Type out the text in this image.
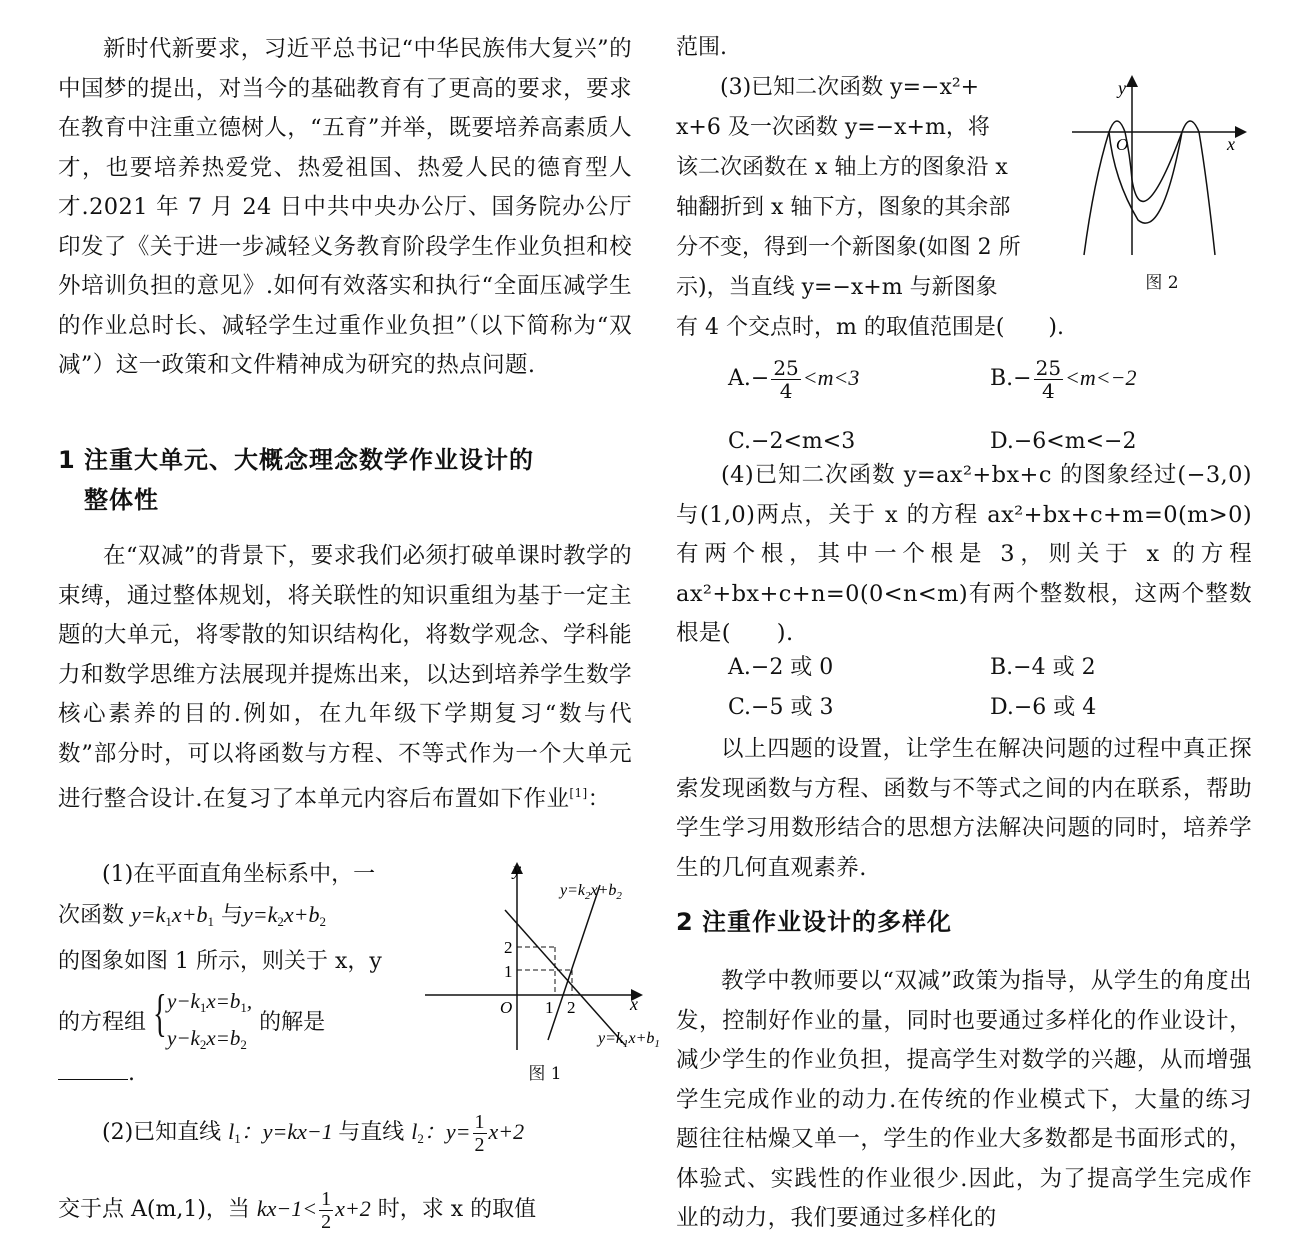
新时代新要求，习近平总书记“中华民族伟大复兴”的中国梦的提出，对当今的基础教育有了更高的要求，要求在教育中注重立德树人，“五育”并举，既要培养高素质人才，也要培养热爱党、热爱祖国、热爱人民的德育型人才.2021 年 7 月 24 日中共中央办公厅、国务院办公厅印发了《关于进一步减轻义务教育阶段学生作业负担和校外培训负担的意见》.如何有效落实和执行“全面压减学生的作业总时长、减轻学生过重作业负担”（以下简称为“双减”）这一政策和文件精神成为研究的热点问题.

1 注重大单元、大概念理念数学作业设计的
整体性

在“双减”的背景下，要求我们必须打破单课时教学的束缚，通过整体规划，将关联性的知识重组为基于一定主题的大单元，将零散的知识结构化，将数学观念、学科能力和数学思维方法展现并提炼出来，以达到培养学生数学核心素养的目的.例如，在九年级下学期复习“数与代数”部分时，可以将函数与方程、不等式作为一个大单元进行整合设计.在复习了本单元内容后布置如下作业[1]：

(1)在平面直角坐标系中，一
次函数 $y=k_1x+b_1$ 与$y=k_2x+b_2$
的图象如图 1 所示，则关于 x，y
的方程组 { $y-k_1x=b_1$,
$y-k_2x=b_2$
的解是
.
y
x
O
2
1
1 2
$y=k_2x+b_2$
$y=k_1x+b_1$
图 1
(2)已知直线 $l_1$：y=kx−1 与直线 $l_2$：$y= \frac{1}{2} x+2$
交于点 A(m,1)，当 $kx-1< \frac{1}{2} x+2$ 时，求 x 的取值
范围.
(3)已知二次函数 y=−x²+
x+6 及一次函数 y=−x+m，将
该二次函数在 x 轴上方的图象沿 x
轴翻折到 x 轴下方，图象的其余部
分不变，得到一个新图象(如图 2 所
示)，当直线 y=−x+m 与新图象
有 4 个交点时，m 的取值范围是(　　).
y
x
O
图 2
$A.- \frac{25}{4} <m<3$	$B.- \frac{25}{4} <m<-2$
C.−2<m<3	D.−6<m<−2

(4)已知二次函数 y=ax²+bx+c 的图象经过(−3,0)与(1,0)两点，关于 x 的方程 ax²+bx+c+m=0(m>0)有两个根，其中一个根是 3，则关于 x 的方程 ax²+bx+c+n=0(0<n<m)有两个整数根，这两个整数根是(　　).

A.−2 或 0	B.−4 或 2
C.−5 或 3	D.−6 或 4

以上四题的设置，让学生在解决问题的过程中真正探索发现函数与方程、函数与不等式之间的内在联系，帮助学生学习用数形结合的思想方法解决问题的同时，培养学生的几何直观素养.

2 注重作业设计的多样化

教学中教师要以“双减”政策为指导，从学生的角度出发，控制好作业的量，同时也要通过多样化的作业设计，减少学生的作业负担，提高学生对数学的兴趣，从而增强学生完成作业的动力.在传统的作业模式下，大量的练习题往往枯燥又单一，学生的作业大多数都是书面形式的，体验式、实践性的作业很少.因此，为了提高学生完成作业的动力，我们要通过多样化的
